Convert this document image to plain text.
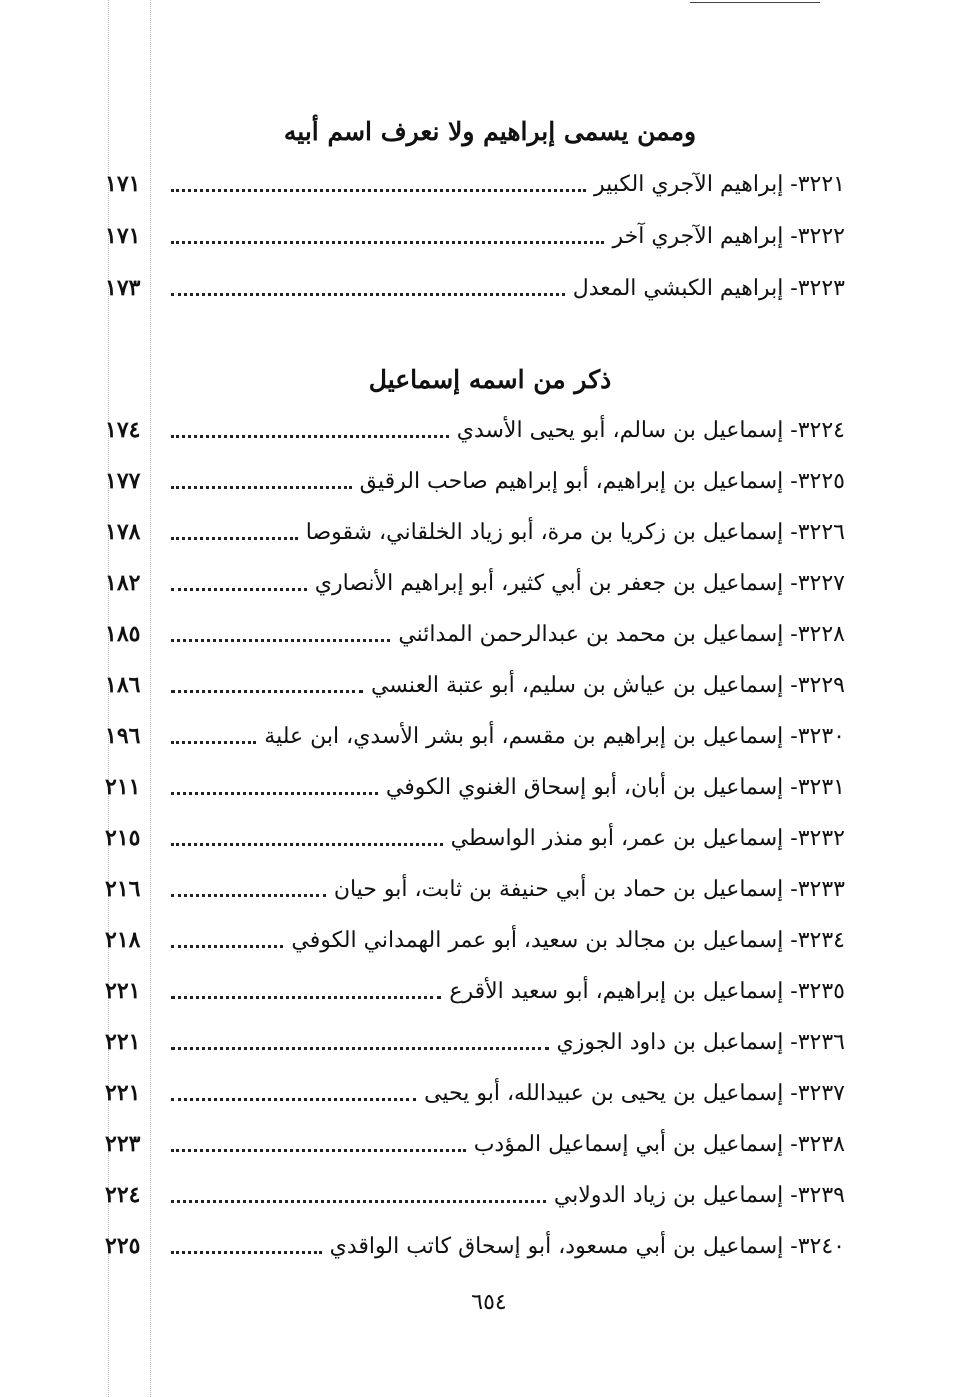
وممن يسمى إبراهيم ولا نعرف اسم أبيه
٣٢٢١- إبراهيم الآجري الكبير
١٧١
٣٢٢٢- إبراهيم الآجري آخر
١٧١
٣٢٢٣- إبراهيم الكبشي المعدل
١٧٣
ذكر من اسمه إسماعيل
٣٢٢٤- إسماعيل بن سالم، أبو يحيى الأسدي
١٧٤
٣٢٢٥- إسماعيل بن إبراهيم، أبو إبراهيم صاحب الرقيق
١٧٧
٣٢٢٦- إسماعيل بن زكريا بن مرة، أبو زياد الخلقاني، شقوصا
١٧٨
٣٢٢٧- إسماعيل بن جعفر بن أبي كثير، أبو إبراهيم الأنصاري
١٨٢
٣٢٢٨- إسماعيل بن محمد بن عبدالرحمن المدائني
١٨٥
٣٢٢٩- إسماعيل بن عياش بن سليم، أبو عتبة العنسي
١٨٦
٣٢٣٠- إسماعيل بن إبراهيم بن مقسم، أبو بشر الأسدي، ابن علية
١٩٦
٣٢٣١- إسماعيل بن أبان، أبو إسحاق الغنوي الكوفي
٢١١
٣٢٣٢- إسماعيل بن عمر، أبو منذر الواسطي
٢١٥
٣٢٣٣- إسماعيل بن حماد بن أبي حنيفة بن ثابت، أبو حيان
٢١٦
٣٢٣٤- إسماعيل بن مجالد بن سعيد، أبو عمر الهمداني الكوفي
٢١٨
٣٢٣٥- إسماعيل بن إبراهيم، أبو سعيد الأقرع
٢٢١
٣٢٣٦- إسماعبل بن داود الجوزي
٢٢١
٣٢٣٧- إسماعيل بن يحيى بن عبيدالله، أبو يحيى
٢٢١
٣٢٣٨- إسماعيل بن أبي إسماعيل المؤدب
٢٢٣
٣٢٣٩- إسماعيل بن زياد الدولابي
٢٢٤
٣٢٤٠- إسماعيل بن أبي مسعود، أبو إسحاق كاتب الواقدي
٢٢٥
٦٥٤
